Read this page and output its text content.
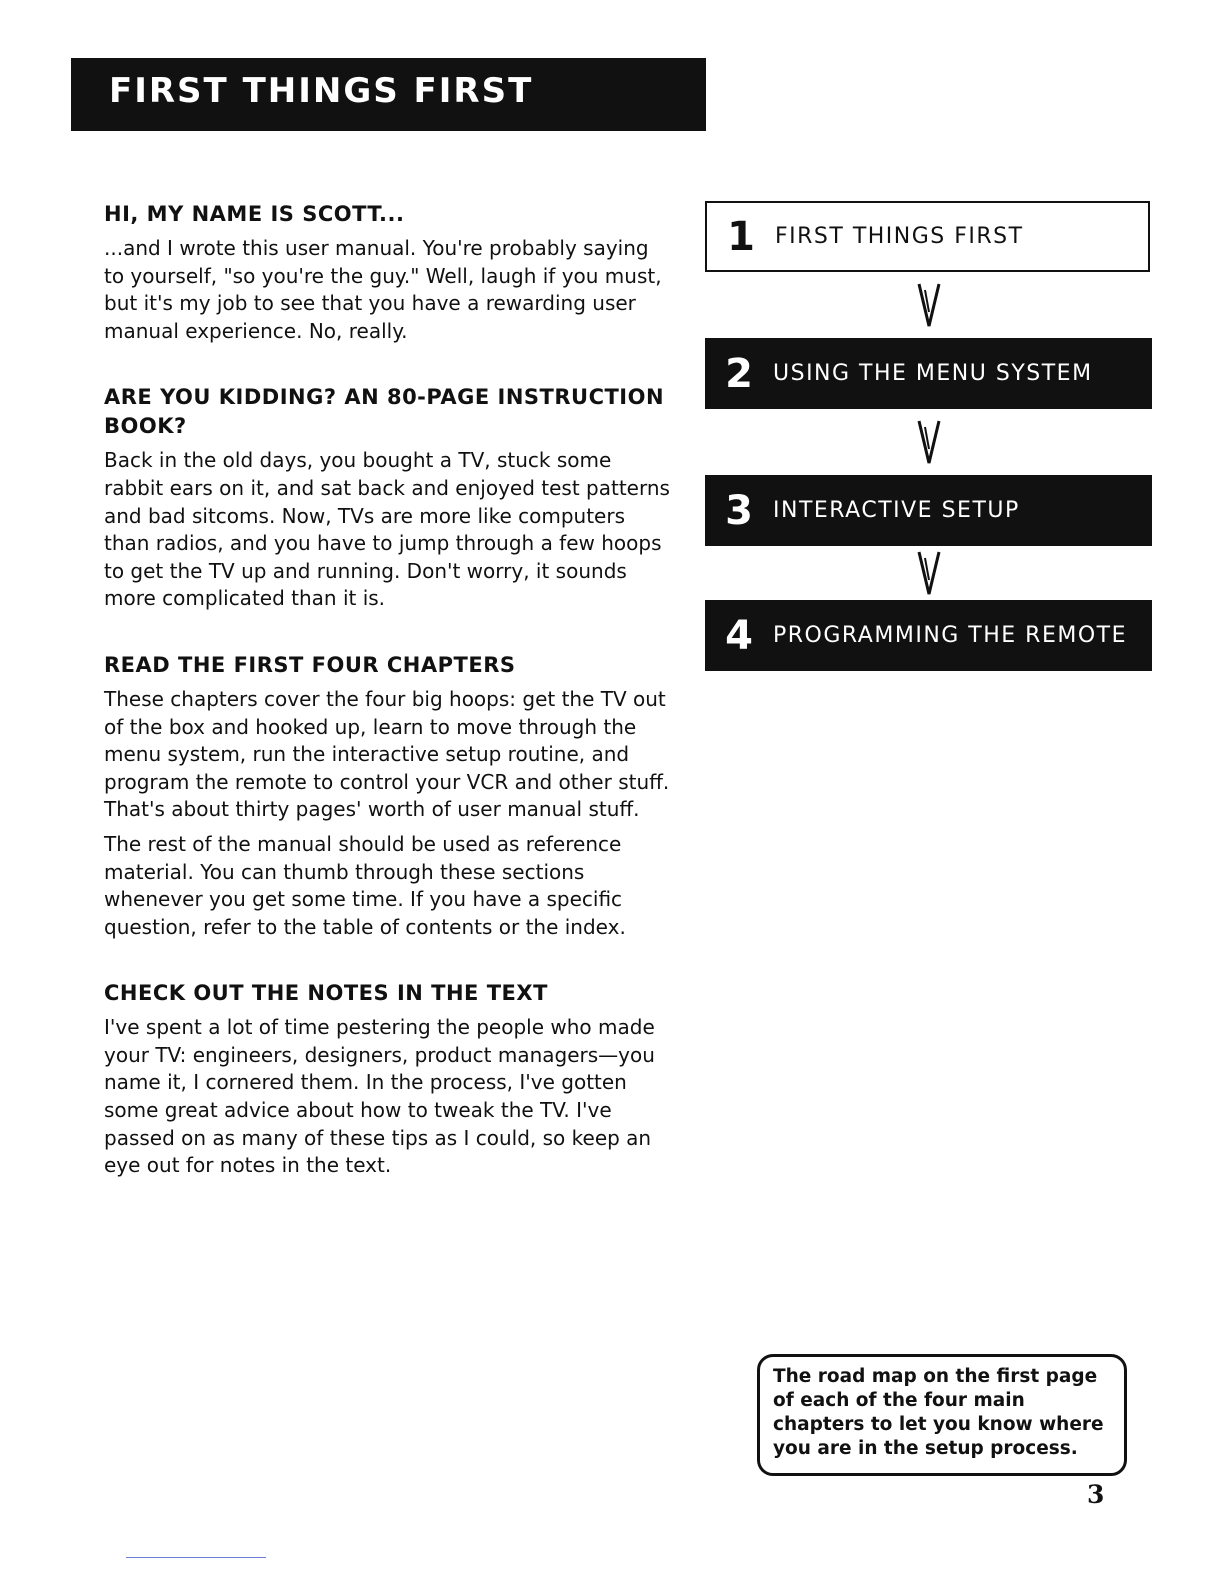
FIRST THINGS FIRST
HI, MY NAME IS SCOTT...

...and I wrote this user manual. You're probably saying to yourself, "so you're the guy." Well, laugh if you must, but it's my job to see that you have a rewarding user manual experience. No, really.

ARE YOU KIDDING? AN 80-PAGE INSTRUCTION BOOK?

Back in the old days, you bought a TV, stuck some rabbit ears on it, and sat back and enjoyed test patterns and bad sitcoms. Now, TVs are more like computers than radios, and you have to jump through a few hoops to get the TV up and running. Don't worry, it sounds more complicated than it is.

READ THE FIRST FOUR CHAPTERS

These chapters cover the four big hoops: get the TV out of the box and hooked up, learn to move through the menu system, run the interactive setup routine, and program the remote to control your VCR and other stuff. That's about thirty pages' worth of user manual stuff.

The rest of the manual should be used as reference material. You can thumb through these sections whenever you get some time. If you have a specific question, refer to the table of contents or the index.

CHECK OUT THE NOTES IN THE TEXT

I've spent a lot of time pestering the people who made your TV: engineers, designers, product managers—you name it, I cornered them. In the process, I've gotten some great advice about how to tweak the TV. I've passed on as many of these tips as I could, so keep an eye out for notes in the text.

1 FIRST THINGS FIRST
2 USING THE MENU SYSTEM
3 INTERACTIVE SETUP
4 PROGRAMMING THE REMOTE

The road map on the first page of each of the four main chapters to let you know where you are in the setup process.

3
